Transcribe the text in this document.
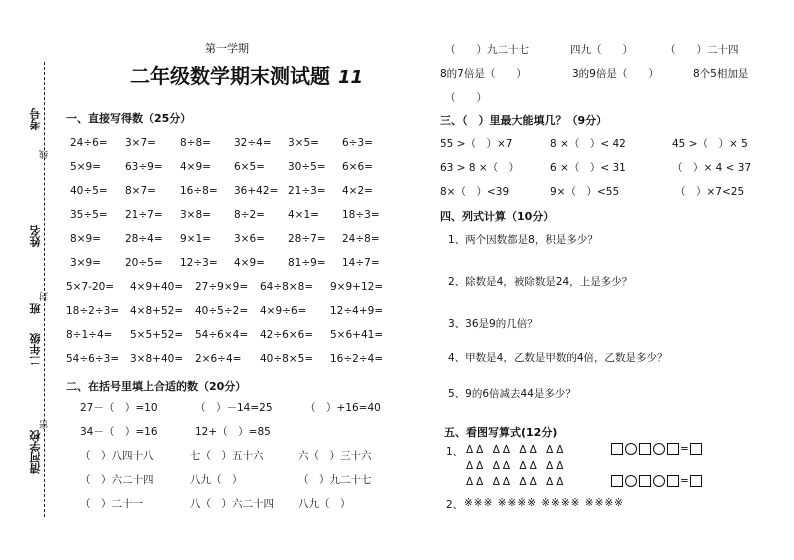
考号
线
姓名
封
班
二年级
清河学校
密
第一学期
二年级数学期末测试题 11
一、直接写得数（25分）
24÷6= 3×7= 8÷8= 32÷4= 3×5= 6÷3=
5×9= 63÷9= 4×9= 6×5= 30÷5= 6×6=
40÷5= 8×7= 16÷8= 36+42= 21÷3= 4×2=
35÷5= 21÷7= 3×8= 8÷2= 4×1= 18÷3=
8×9= 28÷4= 9×1= 3×6= 28÷7= 24÷8=
3×9= 20÷5= 12÷3= 4×9= 81÷9= 14÷7=
5×7-20= 4×9+40= 27÷9×9= 64÷8×8= 9×9+12=
18÷2÷3= 4×8+52= 40÷5÷2= 4×9÷6= 12÷4+9=
8÷1÷4= 5×5+52= 54÷6×4= 42÷6×6= 5×6+41=
54÷6÷3= 3×8+40= 2×6÷4= 40÷8×5= 16÷2÷4=
二、在括号里填上合适的数（20分）
27－（　）=10	（　）－14=25	（　）+16=40
34－（　）=16	12+（　）=85
（　）八四十八	七（　）五十六	六（　）三十六
（　）六二十四	八九（　）	（　）九二十七
（　）二十一	八（　）六二十四 八九（　）
（　　）九二十七	四九（　　）	（　　）二十四
8的7倍是（　　）	3的9倍是（　　）	8个5相加是
（　　）
三、（　）里最大能填几？（9分）
55 >（　）×7	8 ×（　）< 42	45 >（　）× 5
63 > 8 ×（　）	6 ×（　）< 31	（　）× 4 < 37
8×（　）<39	9×（　）<55	（　）×7<25
四、列式计算（10分）
1、两个因数都是8，积是多少？
2、除数是4，被除数是24，上是多少？
3、36是9的几倍？
4、甲数是4，乙数是甲数的4倍，乙数是多少？
5、9的6倍减去44是多少？
五、看图写算式(12分)
1、 ΔΔ ΔΔ ΔΔ ΔΔ
ΔΔ ΔΔ ΔΔ ΔΔ
ΔΔ ΔΔ ΔΔ ΔΔ
=
=
2、 ※※※ ※※※※ ※※※※ ※※※※
